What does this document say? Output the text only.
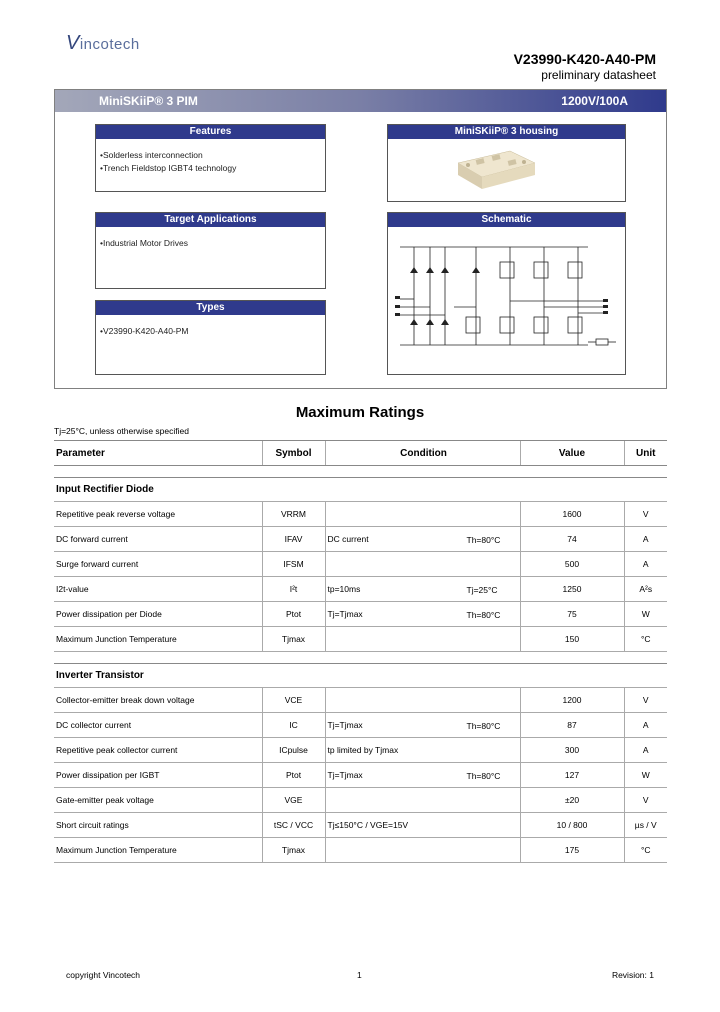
Vincotech
V23990-K420-A40-PM
preliminary datasheet
MiniSKiiP® 3 PIM	1200V/100A
Features
• Solderless interconnection
• Trench Fieldstop IGBT4 technology
Target Applications
• Industrial Motor Drives
Types
• V23990-K420-A40-PM
MiniSKiiP® 3 housing
Schematic
Maximum Ratings
Tj=25°C, unless otherwise specified
Parameter	Symbol	Condition	Value	Unit

Input Rectifier Diode				
Repetitive peak reverse voltage	VRRM		1600	V
DC forward current	IFAV	DC current Th=80°C	74	A
Surge forward current	IFSM		500	A
I2t-value	I²t	tp=10ms Tj=25°C	1250	A²s
Power dissipation per Diode	Ptot	Tj=Tjmax Th=80°C	75	W
Maximum Junction Temperature	Tjmax		150	°C

Inverter Transistor				
Collector-emitter break down voltage	VCE		1200	V
DC collector current	IC	Tj=Tjmax Th=80°C	87	A
Repetitive peak collector current	ICpulse	tp limited by Tjmax	300	A
Power dissipation per IGBT	Ptot	Tj=Tjmax Th=80°C	127	W
Gate-emitter peak voltage	VGE		±20	V
Short circuit ratings	tSC / VCC	Tj≤150°C / VGE=15V	10 / 800	µs / V
Maximum Junction Temperature	Tjmax		175	°C
copyright Vincotech	1	Revision: 1
